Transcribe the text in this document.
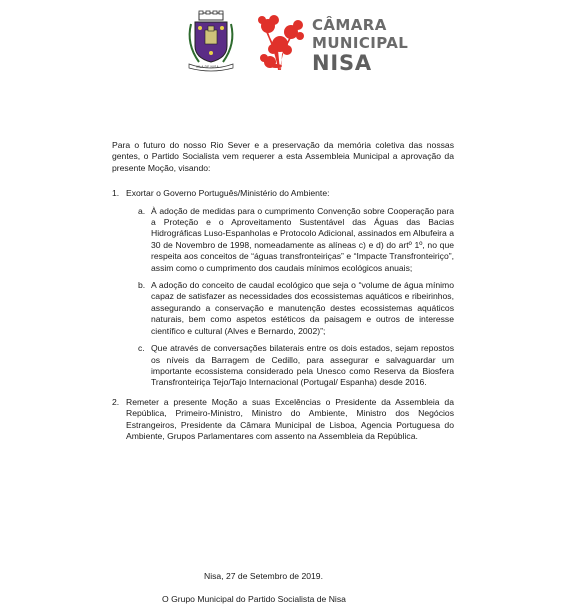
VILA DE NISA
CÂMARA
MUNICIPAL
NISA

Para o futuro do nosso Rio Sever e a preservação da memória coletiva das nossas gentes, o Partido Socialista vem requerer a esta Assembleia Municipal a aprovação da presente Moção, visando:

1. Exortar o Governo Português/Ministério do Ambiente:
a. À adoção de medidas para o cumprimento Convenção sobre Cooperação para a Proteção e o Aproveitamento Sustentável das Águas das Bacias Hidrográficas Luso-Espanholas e Protocolo Adicional, assinados em Albufeira a 30 de Novembro de 1998, nomeadamente as alíneas c) e d) do artº 1º, no que respeita aos conceitos de “águas transfronteiriças” e “Impacte Transfronteiriço”, assim como o cumprimento dos caudais mínimos ecológicos anuais;
b. A adoção do conceito de caudal ecológico que seja o “volume de água mínimo capaz de satisfazer as necessidades dos ecossistemas aquáticos e ribeirinhos, assegurando a conservação e manutenção destes ecossistemas aquáticos naturais, bem como aspetos estéticos da paisagem e outros de interesse científico e cultural (Alves e Bernardo, 2002)”;
c. Que através de conversações bilaterais entre os dois estados, sejam repostos os níveis da Barragem de Cedillo, para assegurar e salvaguardar um importante ecossistema considerado pela Unesco como Reserva da Biosfera Transfronteiriça Tejo/Tajo Internacional (Portugal/ Espanha) desde 2016.
2. Remeter a presente Moção a suas Excelências o Presidente da Assembleia da República, Primeiro-Ministro, Ministro do Ambiente, Ministro dos Negócios Estrangeiros, Presidente da Câmara Municipal de Lisboa, Agencia Portuguesa do Ambiente, Grupos Parlamentares com assento na Assembleia da República.
Nisa, 27 de Setembro de 2019.
O Grupo Municipal do Partido Socialista de Nisa
